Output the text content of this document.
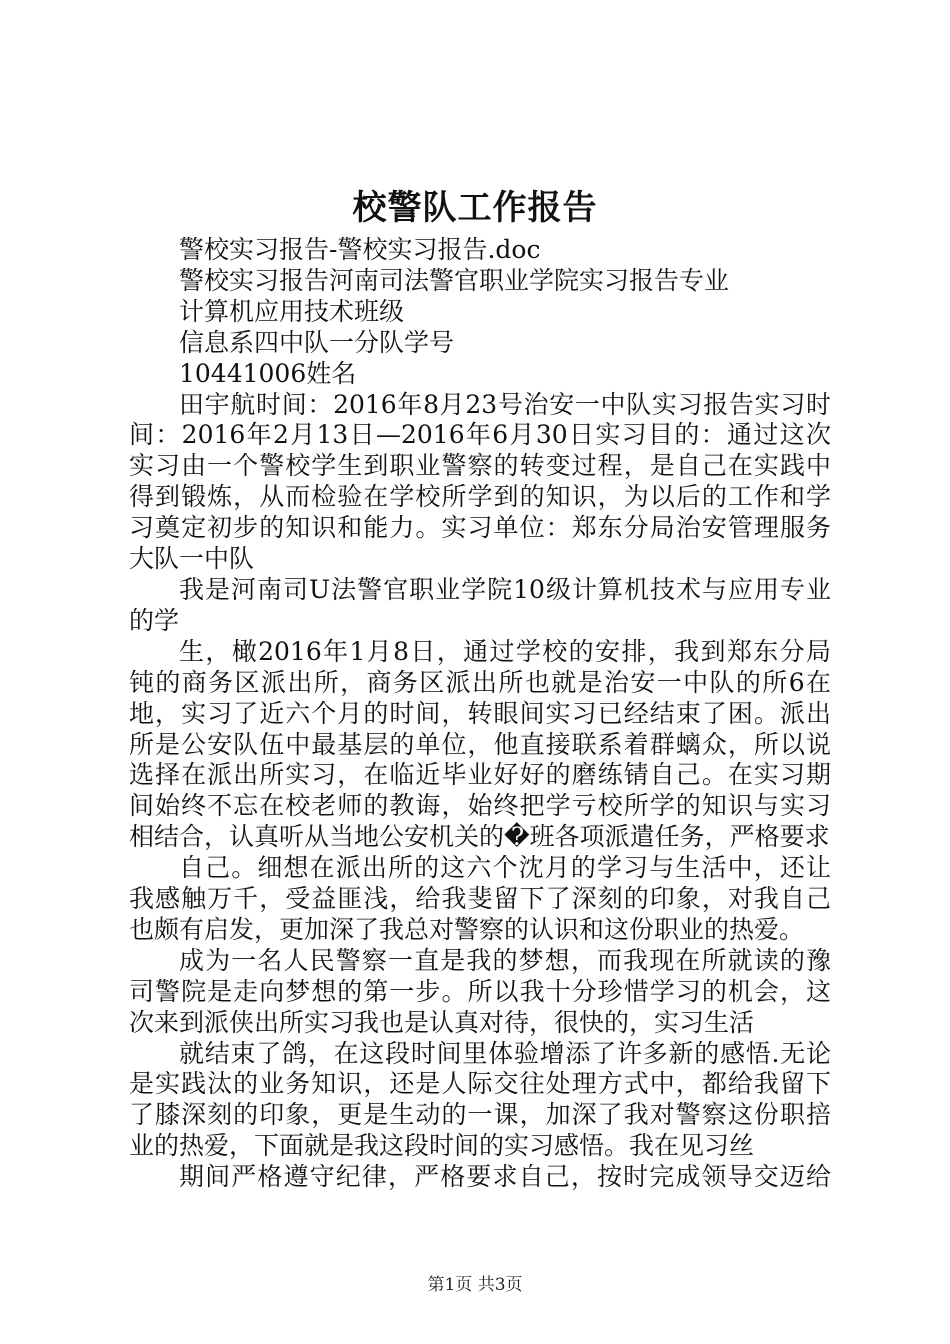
校警队工作报告
警校实习报告-警校实习报告.doc
警校实习报告河南司法警官职业学院实习报告专业
计算机应用技术班级
信息系四中队一分队学号
10441006姓名
田宇航时间：2016年8月23号治安一中队实习报告实习时
间：2016年2月13日—2016年6月30日实习目的：通过这次
实习由一个警校学生到职业警察的转变过程，是自己在实践中
得到锻炼，从而检验在学校所学到的知识，为以后的工作和学
习奠定初步的知识和能力。实习单位：郑东分局治安管理服务
大队一中队
我是河南司U法警官职业学院10级计算机技术与应用专业
的学
生，橄2016年1月8日，通过学校的安排，我到郑东分局
钝的商务区派出所，商务区派出所也就是治安一中队的所6在
地，实习了近六个月的时间，转眼间实习已经结束了困。派出
所是公安队伍中最基层的单位，他直接联系着群螭众，所以说
选择在派出所实习，在临近毕业好好的磨练锖自己。在实习期
间始终不忘在校老师的教诲，始终把学亏校所学的知识与实习
相结合，认真听从当地公安机关的�班各项派遣任务，严格要求
自己。细想在派出所的这六个沈月的学习与生活中，还让
我感触万千，受益匪浅，给我斐留下了深刻的印象，对我自己
也颇有启发，更加深了我总对警察的认识和这份职业的热爱。
成为一名人民警察一直是我的梦想，而我现在所就读的豫
司警院是走向梦想的第一步。所以我十分珍惜学习的机会，这
次来到派侠出所实习我也是认真对待，很快的，实习生活
就结束了鸽，在这段时间里体验增添了许多新的感悟.无论
是实践汰的业务知识，还是人际交往处理方式中，都给我留下
了膝深刻的印象，更是生动的一课，加深了我对警察这份职掊
业的热爱，下面就是我这段时间的实习感悟。我在见习丝
期间严格遵守纪律，严格要求自己，按时完成领导交迈给
第1页 共3页
